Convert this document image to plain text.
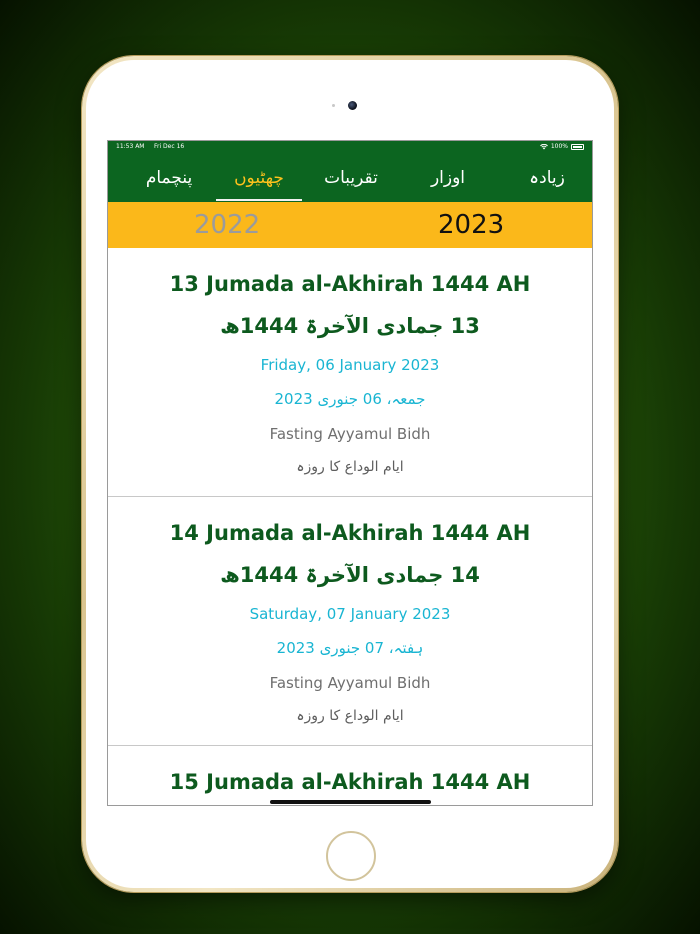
11:53 AM Fri Dec 16	100%
زیادہ
اوزار
تقریبات
چھٹیوں
پنچمام
2022	2023
13 Jumada al-Akhirah 1444 AH
13 جمادی الآخرۃ 1444ھ
Friday, 06 January 2023
جمعہ، 06 جنوری 2023
Fasting Ayyamul Bidh
ایام الوداع کا روزہ
14 Jumada al-Akhirah 1444 AH
14 جمادی الآخرۃ 1444ھ
Saturday, 07 January 2023
ہفتہ، 07 جنوری 2023
Fasting Ayyamul Bidh
ایام الوداع کا روزہ
15 Jumada al-Akhirah 1444 AH
